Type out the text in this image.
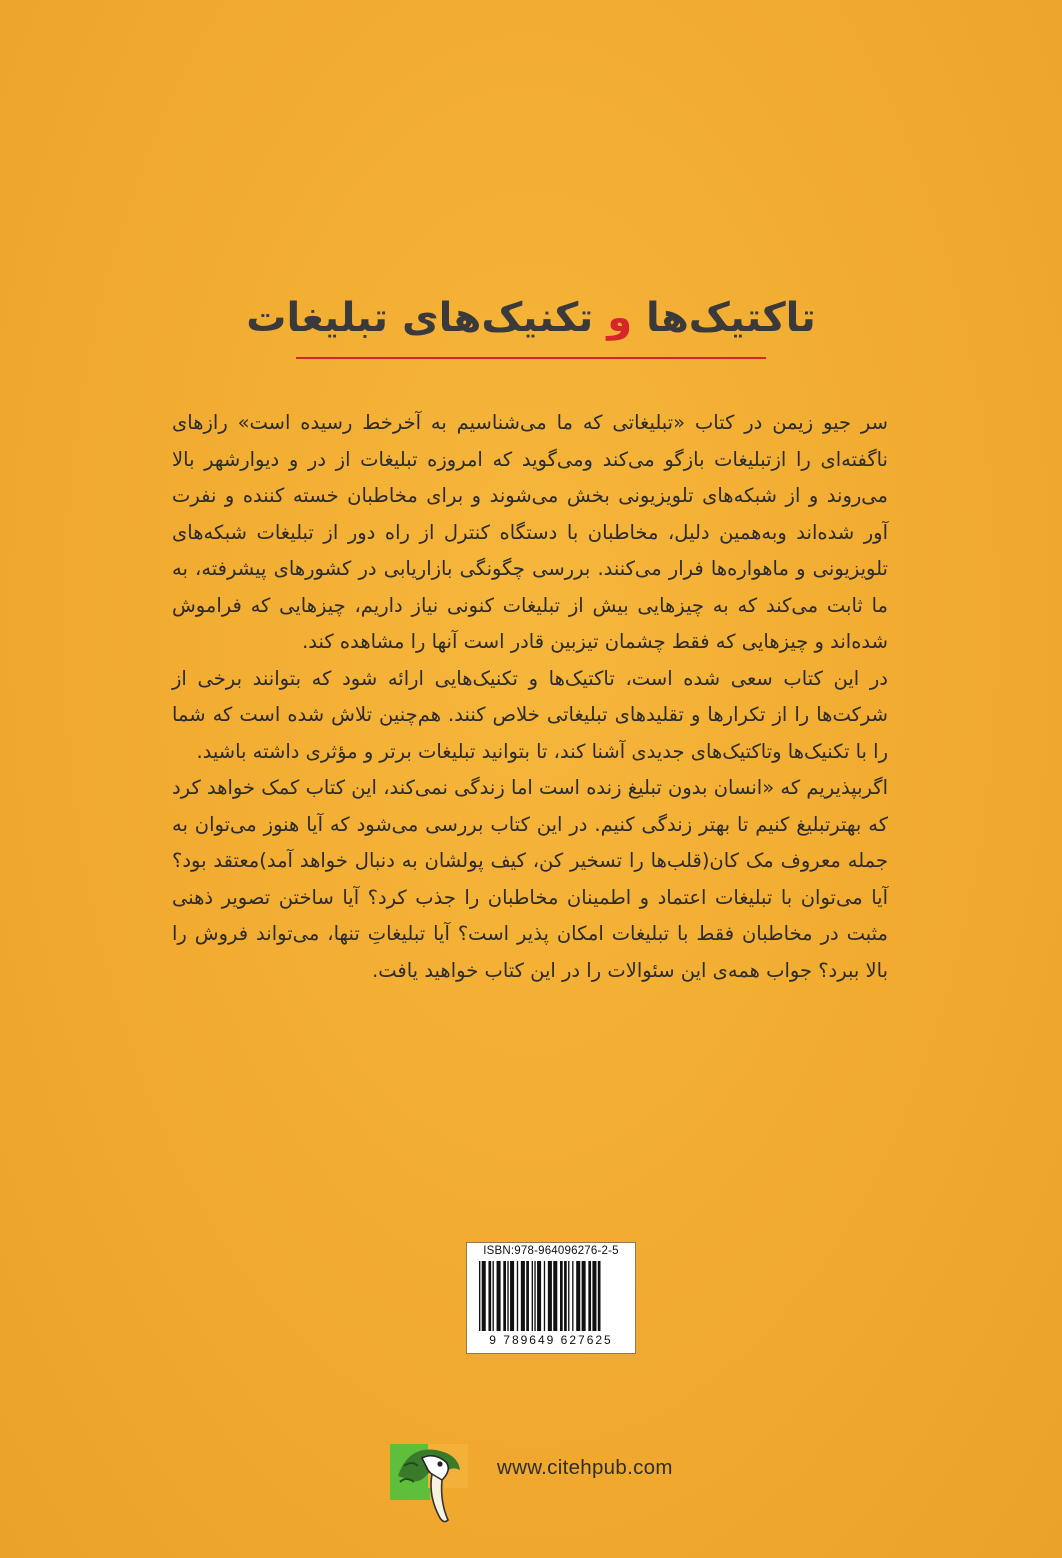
تاکتیک‌ها و تکنیک‌های تبلیغات

سر جیو زیمن در کتاب «تبلیغاتی که ما می‌شناسیم به آخرخط رسیده است» رازهای ناگفته‌ای را ازتبلیغات بازگو می‌کند ومی‌گوید که امروزه تبلیغات از در و دیوارشهر بالا می‌روند و از شبکه‌های تلویزیونی بخش می‌شوند و برای مخاطبان خسته کننده و نفرت آور شده‌اند وبه‌همین دلیل، مخاطبان با دستگاه کنترل از راه دور از تبلیغات شبکه‌های تلویزیونی و ماهواره‌ها فرار می‌کنند. بررسی چگونگی بازاریابی در کشورهای پیشرفته، به ما ثابت می‌کند که به چیزهایی بیش از تبلیغات کنونی نیاز داریم، چیزهایی که فراموش شده‌اند و چیزهایی که فقط چشمان تیزبین قادر است آنها را مشاهده کند.

در این کتاب سعی شده است، تاکتیک‌ها و تکنیک‌هایی ارائه شود که بتوانند برخی از شرکت‌ها را از تکرارها و تقلیدهای تبلیغاتی خلاص کنند. هم‌چنین تلاش شده است که شما را با تکنیک‌ها وتاکتیک‌های جدیدی آشنا کند، تا بتوانید تبلیغات برتر و مؤثری داشته باشید.

اگربپذیریم که «انسان بدون تبلیغ زنده است اما زندگی نمی‌کند، این کتاب کمک خواهد کرد که بهترتبلیغ کنیم تا بهتر زندگی کنیم. در این کتاب بررسی می‌شود که آیا هنوز می‌توان به جمله معروف مک کان(قلب‌ها را تسخیر کن، کیف پولشان به دنبال خواهد آمد)معتقد بود؟ آیا می‌توان با تبلیغات اعتماد و اطمینان مخاطبان را جذب کرد؟ آیا ساختن تصویر ذهنی مثبت در مخاطبان فقط با تبلیغات امکان پذیر است؟ آیا تبلیغاتِ تنها، می‌تواند فروش را بالا ببرد؟ جواب همه‌ی این سئوالات را در این کتاب خواهید یافت.

ISBN:978-964096276-2-5
9 789649 627625
www.citehpub.com
